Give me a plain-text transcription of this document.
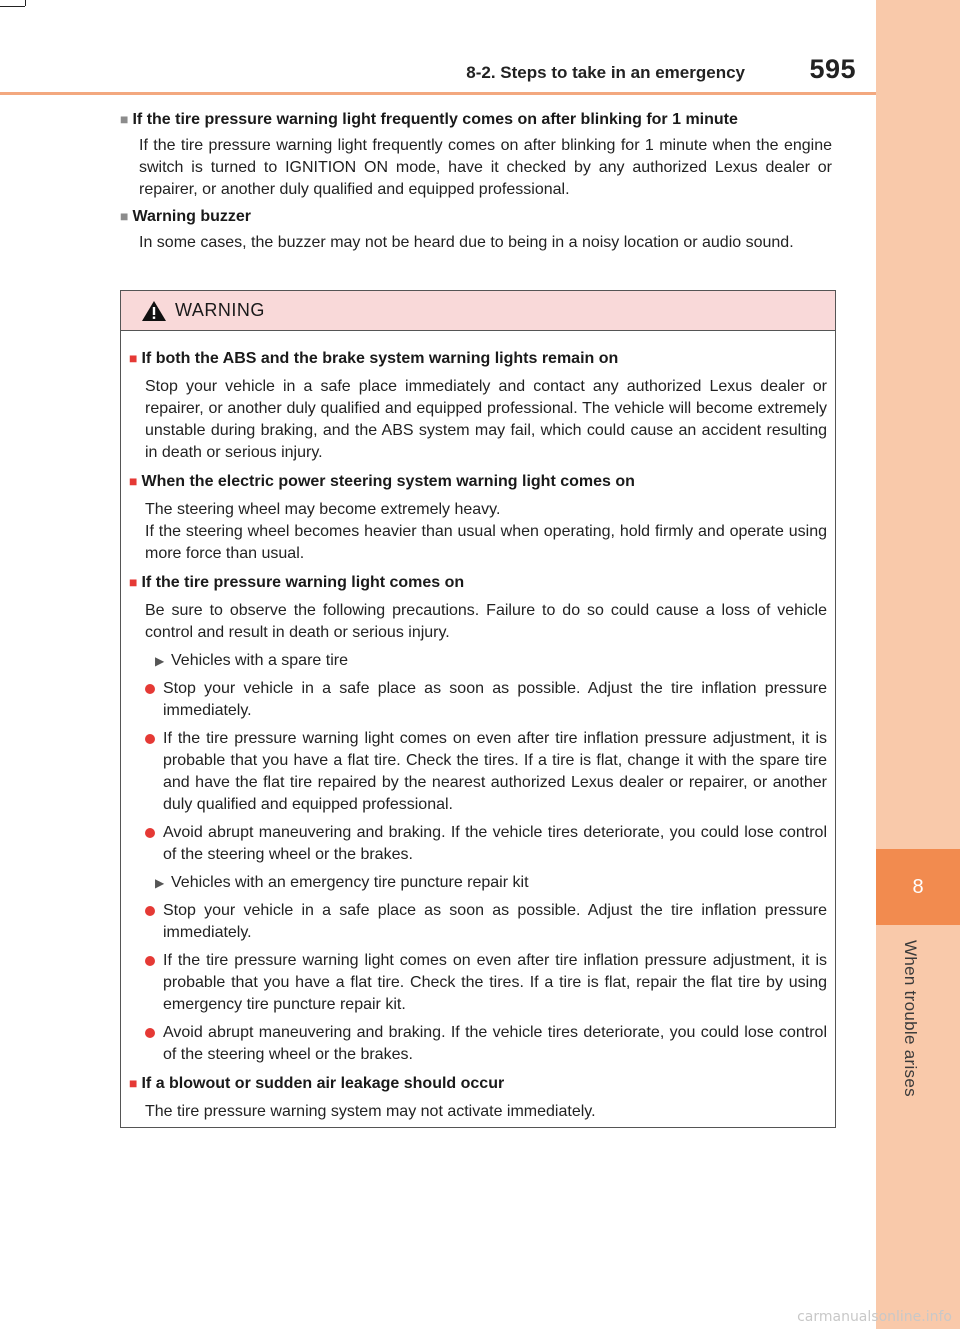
8
When trouble arises
8-2. Steps to take in an emergency 595
■ If the tire pressure warning light frequently comes on after blinking for 1 minute
If the tire pressure warning light frequently comes on after blinking for 1 minute when the engine switch is turned to IGNITION ON mode, have it checked by any authorized Lexus dealer or repairer, or another duly qualified and equipped professional.
■ Warning buzzer
In some cases, the buzzer may not be heard due to being in a noisy location or audio sound.
WARNING
■ If both the ABS and the brake system warning lights remain on
Stop your vehicle in a safe place immediately and contact any authorized Lexus dealer or repairer, or another duly qualified and equipped professional. The vehicle will become extremely unstable during braking, and the ABS system may fail, which could cause an accident resulting in death or serious injury.
■ When the electric power steering system warning light comes on
The steering wheel may become extremely heavy.
If the steering wheel becomes heavier than usual when operating, hold firmly and operate using more force than usual.
■ If the tire pressure warning light comes on
Be sure to observe the following precautions. Failure to do so could cause a loss of vehicle control and result in death or serious injury.
▶ Vehicles with a spare tire
Stop your vehicle in a safe place as soon as possible. Adjust the tire inflation pressure immediately.
If the tire pressure warning light comes on even after tire inflation pressure adjustment, it is probable that you have a flat tire. Check the tires. If a tire is flat, change it with the spare tire and have the flat tire repaired by the nearest authorized Lexus dealer or repairer, or another duly qualified and equipped professional.
Avoid abrupt maneuvering and braking. If the vehicle tires deteriorate, you could lose control of the steering wheel or the brakes.
▶ Vehicles with an emergency tire puncture repair kit
Stop your vehicle in a safe place as soon as possible. Adjust the tire inflation pressure immediately.
If the tire pressure warning light comes on even after tire inflation pressure adjustment, it is probable that you have a flat tire. Check the tires. If a tire is flat, repair the flat tire by using emergency tire puncture repair kit.
Avoid abrupt maneuvering and braking. If the vehicle tires deteriorate, you could lose control of the steering wheel or the brakes.
■ If a blowout or sudden air leakage should occur
The tire pressure warning system may not activate immediately.
carmanualsonline.info
